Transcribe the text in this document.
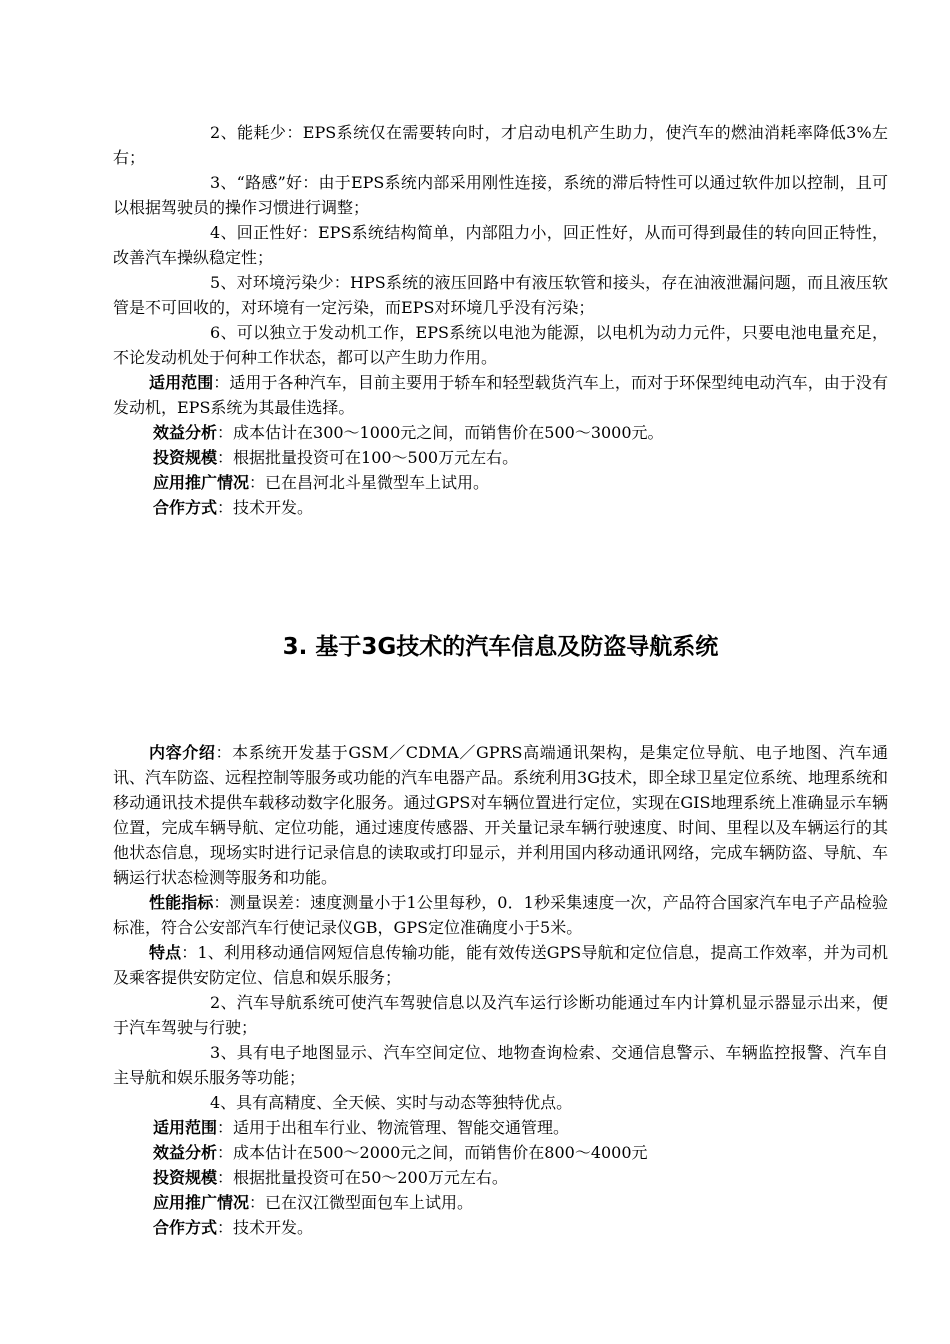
2、能耗少：EPS系统仅在需要转向时，才启动电机产生助力，使汽车的燃油消耗率降低3%左右；

3、“路感”好：由于EPS系统内部采用刚性连接，系统的滞后特性可以通过软件加以控制，且可以根据驾驶员的操作习惯进行调整；

4、回正性好：EPS系统结构简单，内部阻力小，回正性好，从而可得到最佳的转向回正特性，改善汽车操纵稳定性；

5、对环境污染少：HPS系统的液压回路中有液压软管和接头，存在油液泄漏问题，而且液压软管是不可回收的，对环境有一定污染，而EPS对环境几乎没有污染；

6、可以独立于发动机工作，EPS系统以电池为能源，以电机为动力元件，只要电池电量充足，不论发动机处于何种工作状态，都可以产生助力作用。

适用范围：适用于各种汽车，目前主要用于轿车和轻型载货汽车上，而对于环保型纯电动汽车，由于没有发动机，EPS系统为其最佳选择。

效益分析：成本估计在300～1000元之间，而销售价在500～3000元。

投资规模：根据批量投资可在100～500万元左右。

应用推广情况：已在昌河北斗星微型车上试用。

合作方式：技术开发。

3. 基于3G技术的汽车信息及防盗导航系统

内容介绍：本系统开发基于GSM／CDMA／GPRS高端通讯架构，是集定位导航、电子地图、汽车通讯、汽车防盗、远程控制等服务或功能的汽车电器产品。系统利用3G技术，即全球卫星定位系统、地理系统和移动通讯技术提供车载移动数字化服务。通过GPS对车辆位置进行定位，实现在GIS地理系统上准确显示车辆位置，完成车辆导航、定位功能，通过速度传感器、开关量记录车辆行驶速度、时间、里程以及车辆运行的其他状态信息，现场实时进行记录信息的读取或打印显示，并利用国内移动通讯网络，完成车辆防盗、导航、车辆运行状态检测等服务和功能。

性能指标：测量误差：速度测量小于1公里每秒，0．1秒采集速度一次，产品符合国家汽车电子产品检验标准，符合公安部汽车行使记录仪GB，GPS定位准确度小于5米。

特点：1、利用移动通信网短信息传输功能，能有效传送GPS导航和定位信息，提高工作效率，并为司机及乘客提供安防定位、信息和娱乐服务；

2、汽车导航系统可使汽车驾驶信息以及汽车运行诊断功能通过车内计算机显示器显示出来，便于汽车驾驶与行驶；

3、具有电子地图显示、汽车空间定位、地物查询检索、交通信息警示、车辆监控报警、汽车自主导航和娱乐服务等功能；

4、具有高精度、全天候、实时与动态等独特优点。

适用范围：适用于出租车行业、物流管理、智能交通管理。

效益分析：成本估计在500～2000元之间，而销售价在800～4000元

投资规模：根据批量投资可在50～200万元左右。

应用推广情况：已在汉江微型面包车上试用。

合作方式：技术开发。
